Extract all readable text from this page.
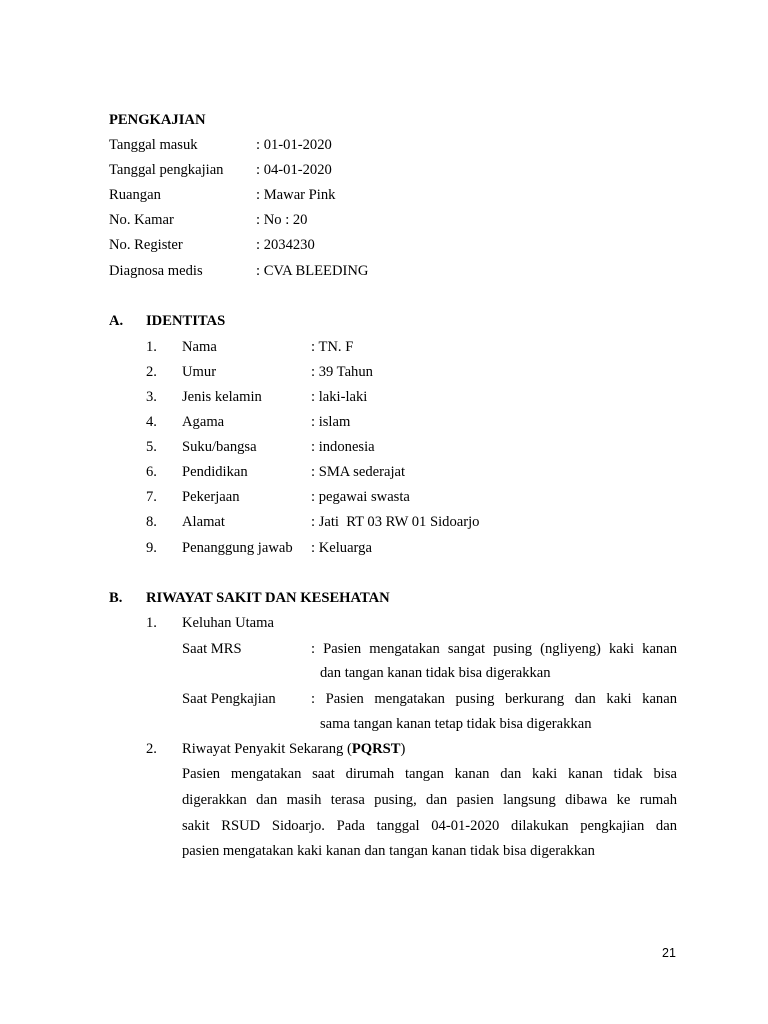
PENGKAJIAN
Tanggal masuk	: 01-01-2020
Tanggal pengkajian : 04-01-2020
Ruangan	: Mawar Pink
No. Kamar	: No : 20
No. Register	: 2034230
Diagnosa medis	: CVA BLEEDING
A. IDENTITAS
1. Nama	: TN. F
2. Umur	: 39 Tahun
3. Jenis kelamin	: laki-laki
4. Agama	: islam
5. Suku/bangsa	: indonesia
6. Pendidikan	: SMA sederajat
7. Pekerjaan	: pegawai swasta
8. Alamat	: Jati  RT 03 RW 01 Sidoarjo
9. Penanggung jawab : Keluarga
B. RIWAYAT SAKIT DAN KESEHATAN
1. Keluhan Utama
Saat MRS	: Pasien mengatakan sangat pusing (ngliyeng) kaki kanan
dan tangan kanan tidak bisa digerakkan
Saat Pengkajian : Pasien mengatakan pusing berkurang dan kaki kanan
sama tangan kanan tetap tidak bisa digerakkan
2. Riwayat Penyakit Sekarang (PQRST)
Pasien mengatakan saat dirumah tangan kanan dan kaki kanan tidak bisa
digerakkan dan masih terasa pusing, dan pasien langsung dibawa ke rumah
sakit RSUD Sidoarjo. Pada tanggal 04-01-2020 dilakukan pengkajian dan
pasien mengatakan kaki kanan dan tangan kanan tidak bisa digerakkan
21
